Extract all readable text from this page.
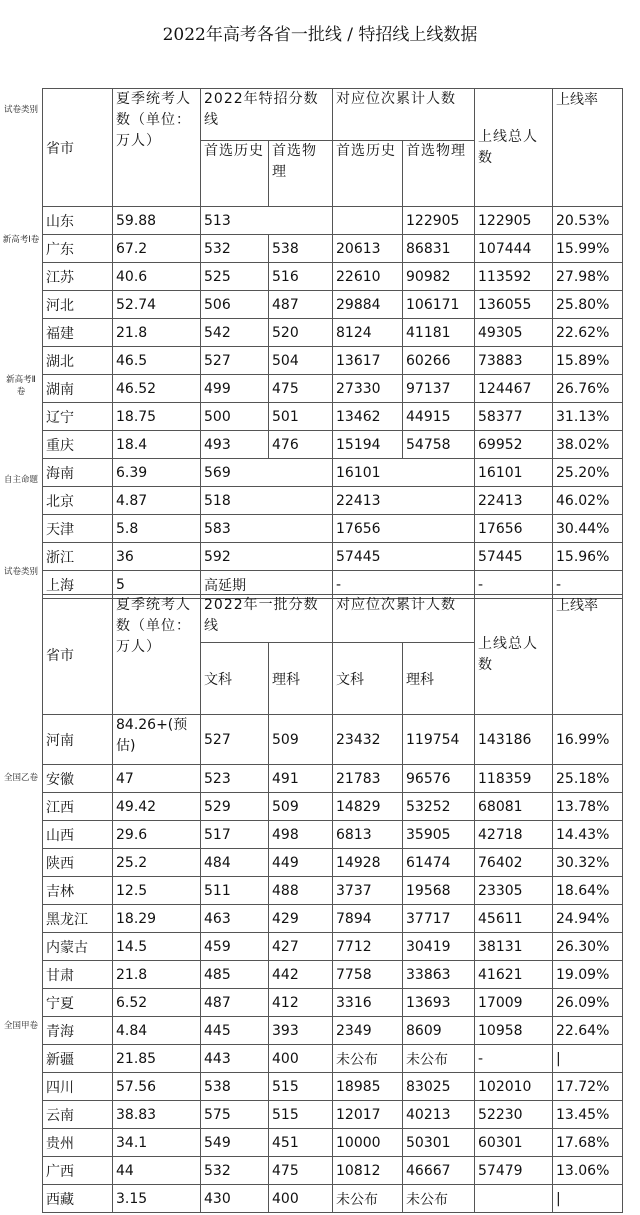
2022年高考各省一批线 / 特招线上线数据
试卷类别
新高考Ⅰ卷
新高考Ⅱ卷
自主命题
试卷类别
全国乙卷
全国甲卷
省市	夏季统考人数（单位：万人）	2022年特招分数线		对应位次累计人数		上线总人数	上线率
		首选历史	首选物理	首选历史	首选物理		
山东	59.88	513			122905	122905	20.53%
广东	67.2	532	538	20613	86831	107444	15.99%
江苏	40.6	525	516	22610	90982	113592	27.98%
河北	52.74	506	487	29884	106171	136055	25.80%
福建	21.8	542	520	8124	41181	49305	22.62%
湖北	46.5	527	504	13617	60266	73883	15.89%
湖南	46.52	499	475	27330	97137	124467	26.76%
辽宁	18.75	500	501	13462	44915	58377	31.13%
重庆	18.4	493	476	15194	54758	69952	38.02%
海南	6.39	569		16101		16101	25.20%
北京	4.87	518		22413		22413	46.02%
天津	5.8	583		17656		17656	30.44%
浙江	36	592		57445		57445	15.96%
上海	5	高延期		-		-	-
省市	夏季统考人数（单位：万人）	2022年一批分数线		对应位次累计人数		上线总人数	上线率
		文科	理科	文科	理科		
河南	84.26+(预估)	527	509	23432	119754	143186	16.99%
安徽	47	523	491	21783	96576	118359	25.18%
江西	49.42	529	509	14829	53252	68081	13.78%
山西	29.6	517	498	6813	35905	42718	14.43%
陕西	25.2	484	449	14928	61474	76402	30.32%
吉林	12.5	511	488	3737	19568	23305	18.64%
黑龙江	18.29	463	429	7894	37717	45611	24.94%
内蒙古	14.5	459	427	7712	30419	38131	26.30%
甘肃	21.8	485	442	7758	33863	41621	19.09%
宁夏	6.52	487	412	3316	13693	17009	26.09%
青海	4.84	445	393	2349	8609	10958	22.64%
新疆	21.85	443	400	未公布	未公布	-	|
四川	57.56	538	515	18985	83025	102010	17.72%
云南	38.83	575	515	12017	40213	52230	13.45%
贵州	34.1	549	451	10000	50301	60301	17.68%
广西	44	532	475	10812	46667	57479	13.06%
西藏	3.15	430	400	未公布	未公布		|
